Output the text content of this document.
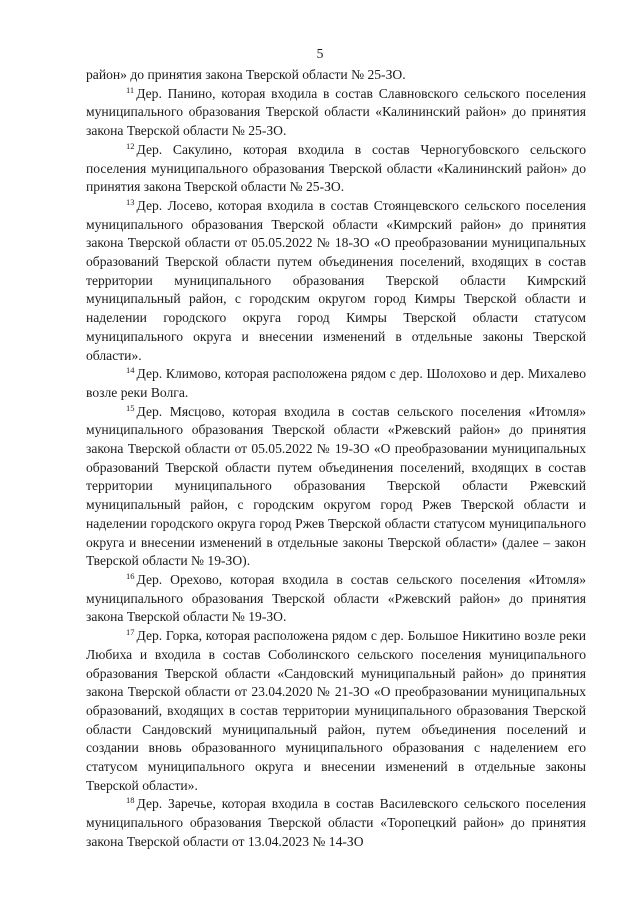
5

район» до принятия закона Тверской области № 25-ЗО.

$^{11}$ Дер. Панино, которая входила в состав Славновского сельского поселения муниципального образования Тверской области «Калининский район» до принятия закона Тверской области № 25-ЗО.

$^{12}$ Дер. Сакулино, которая входила в состав Черногубовского сельского поселения муниципального образования Тверской области «Калининский район» до принятия закона Тверской области № 25-ЗО.

$^{13}$ Дер. Лосево, которая входила в состав Стоянцевского сельского поселения муниципального образования Тверской области «Кимрский район» до принятия закона Тверской области от 05.05.2022 № 18-ЗО «О преобразовании муниципальных образований Тверской области путем объединения поселений, входящих в состав территории муниципального образования Тверской области Кимрский муниципальный район, с городским округом город Кимры Тверской области и наделении городского округа город Кимры Тверской области статусом муниципального округа и внесении изменений в отдельные законы Тверской области».

$^{14}$ Дер. Климово, которая расположена рядом с дер. Шолохово и дер. Михалево возле реки Волга.

$^{15}$ Дер. Мясцово, которая входила в состав сельского поселения «Итомля» муниципального образования Тверской области «Ржевский район» до принятия закона Тверской области от 05.05.2022 № 19-ЗО «О преобразовании муниципальных образований Тверской области путем объединения поселений, входящих в состав территории муниципального образования Тверской области Ржевский муниципальный район, с городским округом город Ржев Тверской области и наделении городского округа город Ржев Тверской области статусом муниципального округа и внесении изменений в отдельные законы Тверской области» (далее – закон Тверской области № 19-ЗО).

$^{16}$ Дер. Орехово, которая входила в состав сельского поселения «Итомля» муниципального образования Тверской области «Ржевский район» до принятия закона Тверской области № 19-ЗО.

$^{17}$ Дер. Горка, которая расположена рядом с дер. Большое Никитино возле реки Любиха и входила в состав Соболинского сельского поселения муниципального образования Тверской области «Сандовский муниципальный район» до принятия закона Тверской области от 23.04.2020 № 21-ЗО «О преобразовании муниципальных образований, входящих в состав территории муниципального образования Тверской области Сандовский муниципальный район, путем объединения поселений и создании вновь образованного муниципального образования с наделением его статусом муниципального округа и внесении изменений в отдельные законы Тверской области».

$^{18}$ Дер. Заречье, которая входила в состав Василевского сельского поселения муниципального образования Тверской области «Торопецкий район» до принятия закона Тверской области от 13.04.2023 № 14-ЗО
